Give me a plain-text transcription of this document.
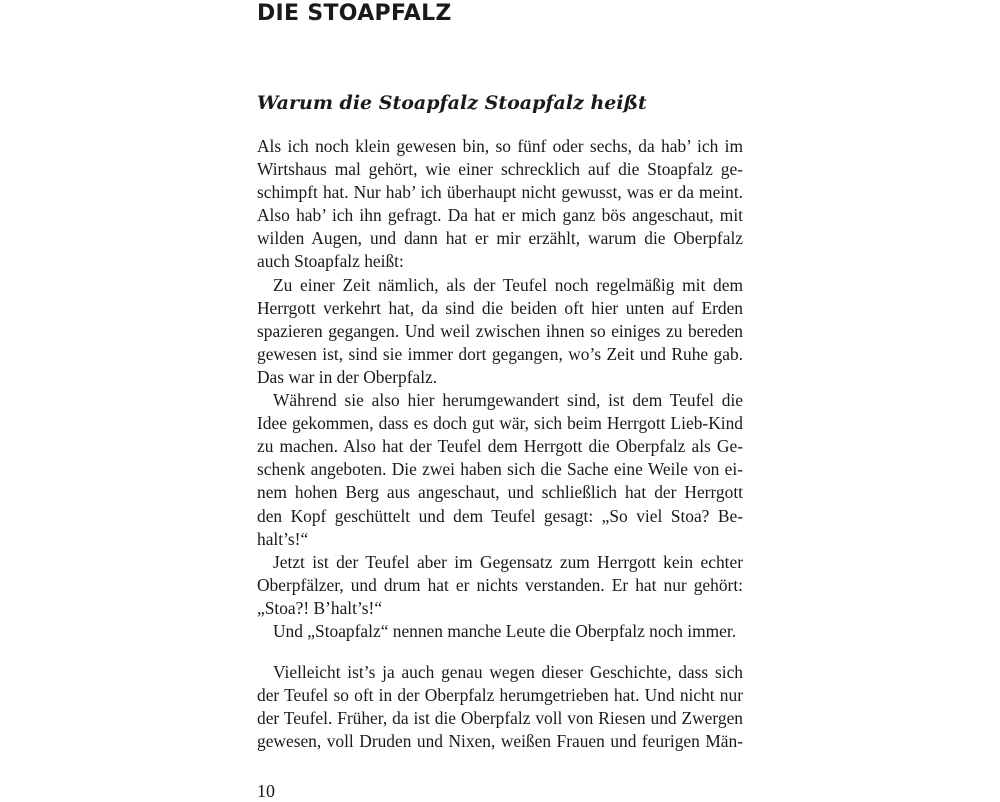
DIE STOAPFALZ
Warum die Stoapfalz Stoapfalz heißt
Als ich noch klein gewesen bin, so fünf oder sechs, da hab’ ich im
Wirtshaus mal gehört, wie einer schrecklich auf die Stoapfalz ge-
schimpft hat. Nur hab’ ich überhaupt nicht gewusst, was er da meint.
Also hab’ ich ihn gefragt. Da hat er mich ganz bös angeschaut, mit
wilden Augen, und dann hat er mir erzählt, warum die Oberpfalz
auch Stoapfalz heißt:
Zu einer Zeit nämlich, als der Teufel noch regelmäßig mit dem
Herrgott verkehrt hat, da sind die beiden oft hier unten auf Erden
spazieren gegangen. Und weil zwischen ihnen so einiges zu bereden
gewesen ist, sind sie immer dort gegangen, wo’s Zeit und Ruhe gab.
Das war in der Oberpfalz.
Während sie also hier herumgewandert sind, ist dem Teufel die
Idee gekommen, dass es doch gut wär, sich beim Herrgott Lieb-Kind
zu machen. Also hat der Teufel dem Herrgott die Oberpfalz als Ge-
schenk angeboten. Die zwei haben sich die Sache eine Weile von ei-
nem hohen Berg aus angeschaut, und schließlich hat der Herrgott
den Kopf geschüttelt und dem Teufel gesagt: „So viel Stoa? Be-
halt’s!“
Jetzt ist der Teufel aber im Gegensatz zum Herrgott kein echter
Oberpfälzer, und drum hat er nichts verstanden. Er hat nur gehört:
„Stoa?! B’halt’s!“
Und „Stoapfalz“ nennen manche Leute die Oberpfalz noch immer.
Vielleicht ist’s ja auch genau wegen dieser Geschichte, dass sich
der Teufel so oft in der Oberpfalz herumgetrieben hat. Und nicht nur
der Teufel. Früher, da ist die Oberpfalz voll von Riesen und Zwergen
gewesen, voll Druden und Nixen, weißen Frauen und feurigen Män-
10
